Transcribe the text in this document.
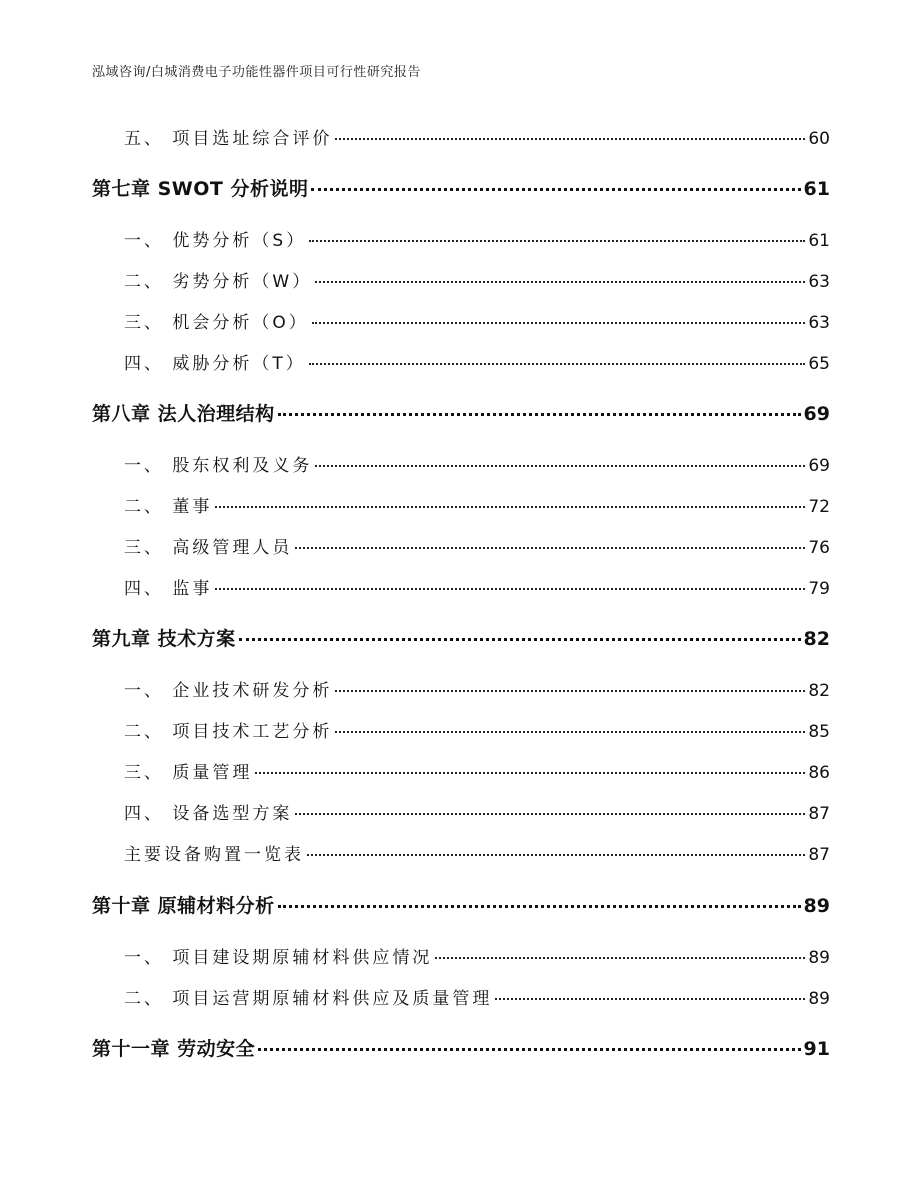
泓域咨询/白城消费电子功能性器件项目可行性研究报告
五、 项目选址综合评价	60
第七章 SWOT 分析说明	61
一、 优势分析（S）	61
二、 劣势分析（W）	63
三、 机会分析（O）	63
四、 威胁分析（T）	65
第八章 法人治理结构	69
一、 股东权利及义务	69
二、 董事	72
三、 高级管理人员	76
四、 监事	79
第九章 技术方案	82
一、 企业技术研发分析	82
二、 项目技术工艺分析	85
三、 质量管理	86
四、 设备选型方案	87
主要设备购置一览表	87
第十章 原辅材料分析	89
一、 项目建设期原辅材料供应情况	89
二、 项目运营期原辅材料供应及质量管理	89
第十一章 劳动安全	91
